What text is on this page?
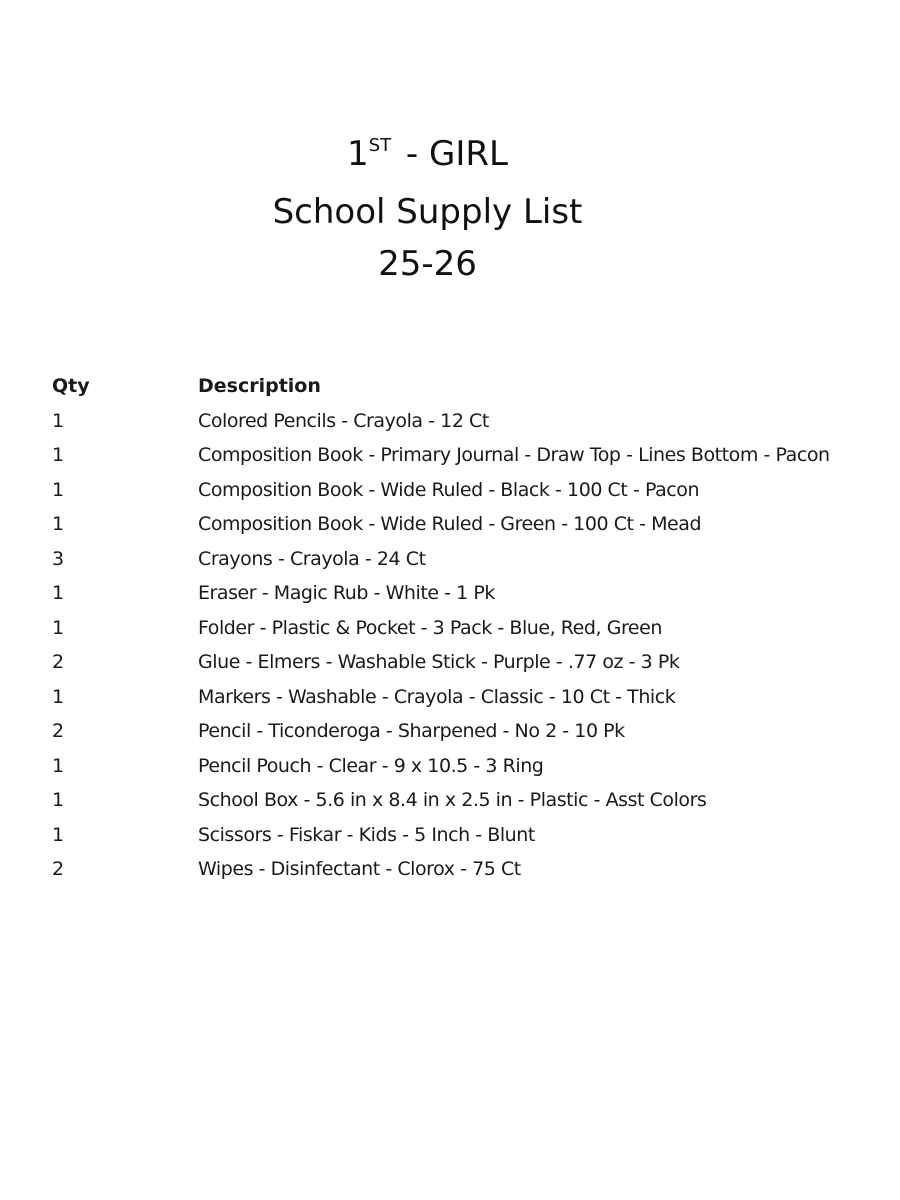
1ST - GIRL
School Supply List
25-26
Qty	Description
1	Colored Pencils - Crayola - 12 Ct
1	Composition Book - Primary Journal - Draw Top - Lines Bottom - Pacon
1	Composition Book - Wide Ruled - Black - 100 Ct - Pacon
1	Composition Book - Wide Ruled - Green - 100 Ct - Mead
3	Crayons - Crayola - 24 Ct
1	Eraser - Magic Rub - White - 1 Pk
1	Folder - Plastic & Pocket - 3 Pack - Blue, Red, Green
2	Glue - Elmers - Washable Stick - Purple - .77 oz - 3 Pk
1	Markers - Washable - Crayola - Classic - 10 Ct - Thick
2	Pencil - Ticonderoga - Sharpened - No 2 - 10 Pk
1	Pencil Pouch - Clear - 9 x 10.5 - 3 Ring
1	School Box - 5.6 in x 8.4 in x 2.5 in - Plastic - Asst Colors
1	Scissors - Fiskar - Kids - 5 Inch - Blunt
2	Wipes - Disinfectant - Clorox - 75 Ct
